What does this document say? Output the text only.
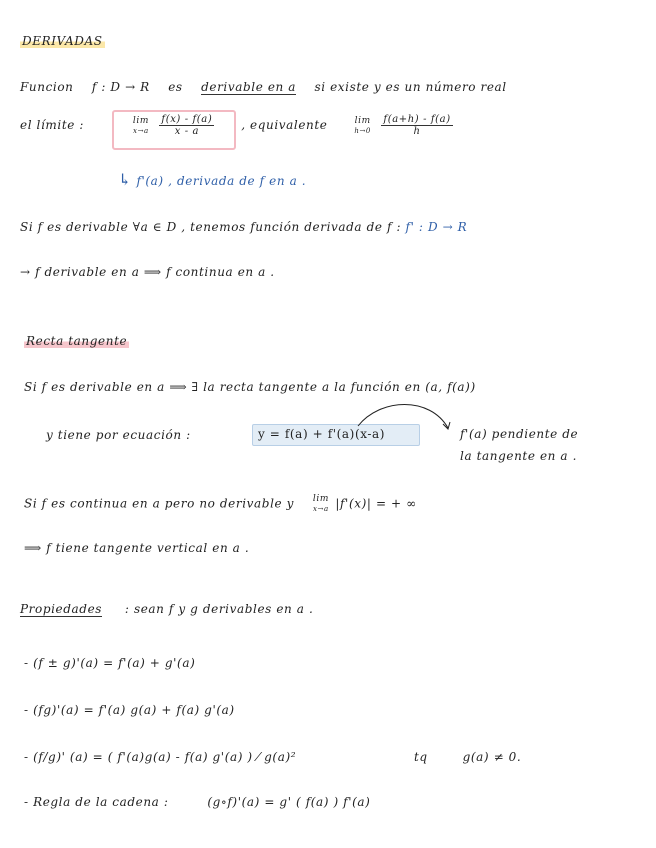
DERIVADAS
Funcion f : D → R es derivable en a si existe y es un número real
el límite :	lim
x→a
$\frac{f(x) - f(a)}{x - a}$ , equivalente	lim
h→0
$\frac{f(a+h) - f(a)}{h}$
↳ f'(a) , derivada de f en a .
Si f es derivable ∀a ∈ D , tenemos función derivada de f : f' : D → R
→ f derivable en a ⟹ f continua en a .
Recta tangente
Si f es derivable en a ⟹ ∃ la recta tangente a la función en (a, f(a))
y tiene por ecuación :	y = f(a) + f'(a)(x-a)	f'(a) pendiente de
la tangente en a .
Si f es continua en a pero no derivable y lim
x→a |f'(x)| = + ∞
⟹ f tiene tangente vertical en a .
Propiedades : sean f y g derivables en a .
- (f ± g)'(a) = f'(a) + g'(a)
- (fg)'(a) = f'(a) g(a) + f(a) g'(a)
- (f/g)' (a) = ( f'(a)g(a) - f(a) g'(a) ) ⁄ g(a)²	tq	g(a) ≠ 0.
- Regla de la cadena :	(g∘f)'(a) = g' ( f(a) ) f'(a)
